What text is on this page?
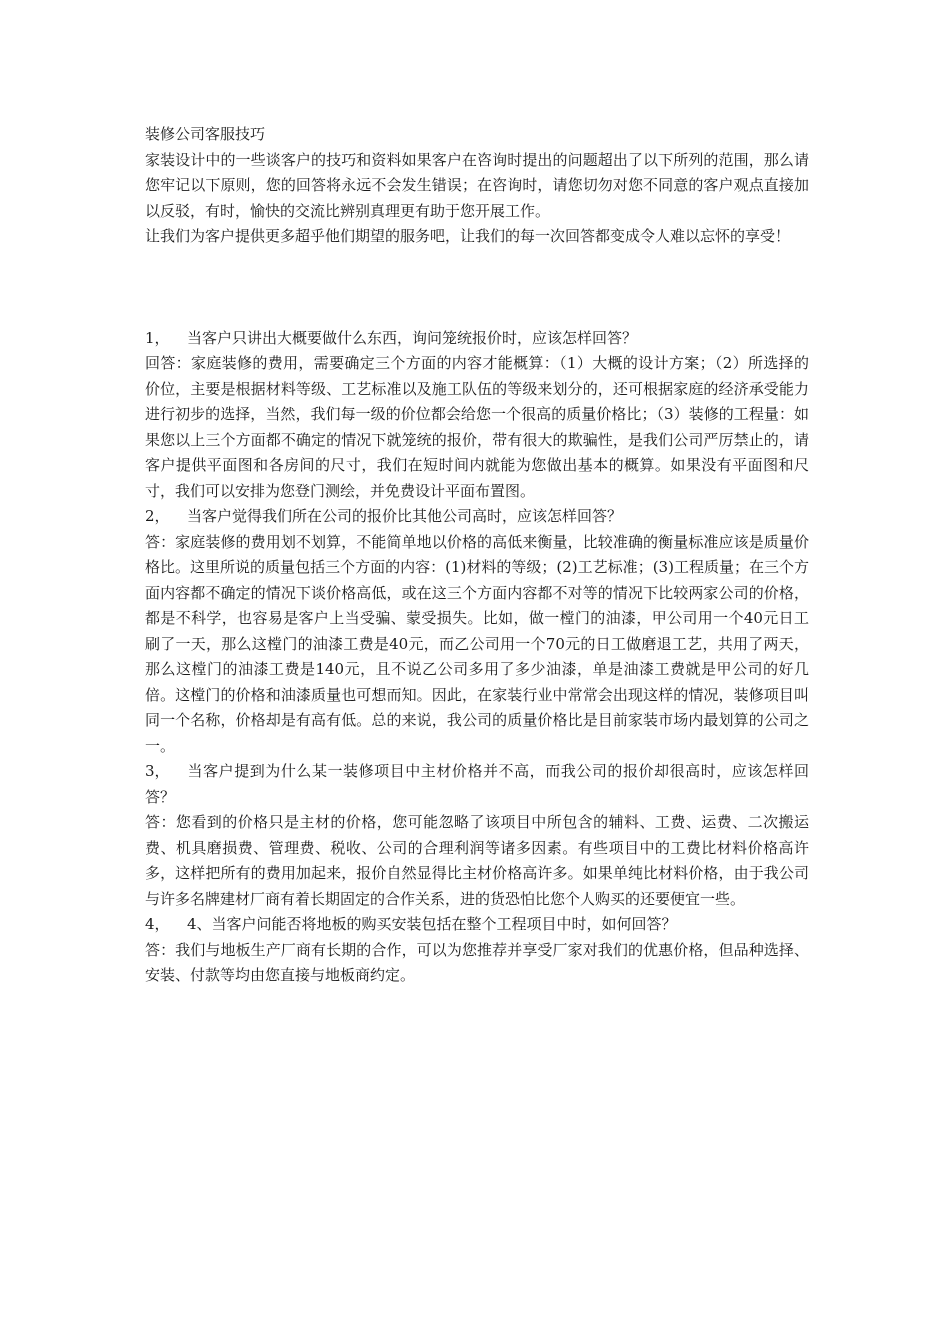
装修公司客服技巧

家装设计中的一些谈客户的技巧和资料如果客户在咨询时提出的问题超出了以下所列的范围，那么请您牢记以下原则，您的回答将永远不会发生错误；在咨询时，请您切勿对您不同意的客户观点直接加以反驳，有时，愉快的交流比辨别真理更有助于您开展工作。

让我们为客户提供更多超乎他们期望的服务吧，让我们的每一次回答都变成令人难以忘怀的享受！

1， 当客户只讲出大概要做什么东西，询问笼统报价时，应该怎样回答？

回答：家庭装修的费用，需要确定三个方面的内容才能概算：（1）大概的设计方案；（2）所选择的价位，主要是根据材料等级、工艺标准以及施工队伍的等级来划分的，还可根据家庭的经济承受能力进行初步的选择，当然，我们每一级的价位都会给您一个很高的质量价格比；（3）装修的工程量：如果您以上三个方面都不确定的情况下就笼统的报价，带有很大的欺骗性，是我们公司严厉禁止的，请客户提供平面图和各房间的尺寸，我们在短时间内就能为您做出基本的概算。如果没有平面图和尺寸，我们可以安排为您登门测绘，并免费设计平面布置图。

2， 当客户觉得我们所在公司的报价比其他公司高时，应该怎样回答？

答：家庭装修的费用划不划算，不能简单地以价格的高低来衡量，比较准确的衡量标准应该是质量价格比。这里所说的质量包括三个方面的内容：(1)材料的等级；(2)工艺标准；(3)工程质量；在三个方面内容都不确定的情况下谈价格高低，或在这三个方面内容都不对等的情况下比较两家公司的价格，都是不科学，也容易是客户上当受骗、蒙受损失。比如，做一樘门的油漆，甲公司用一个40元日工刷了一天，那么这樘门的油漆工费是40元，而乙公司用一个70元的日工做磨退工艺，共用了两天，那么这樘门的油漆工费是140元，且不说乙公司多用了多少油漆，单是油漆工费就是甲公司的好几倍。这樘门的价格和油漆质量也可想而知。因此，在家装行业中常常会出现这样的情况，装修项目叫同一个名称，价格却是有高有低。总的来说，我公司的质量价格比是目前家装市场内最划算的公司之一。

3， 当客户提到为什么某一装修项目中主材价格并不高，而我公司的报价却很高时，应该怎样回答？

答：您看到的价格只是主材的价格，您可能忽略了该项目中所包含的辅料、工费、运费、二次搬运费、机具磨损费、管理费、税收、公司的合理利润等诸多因素。有些项目中的工费比材料价格高许多，这样把所有的费用加起来，报价自然显得比主材价格高许多。如果单纯比材料价格，由于我公司与许多名牌建材厂商有着长期固定的合作关系，进的货恐怕比您个人购买的还要便宜一些。

4， 4、当客户问能否将地板的购买安装包括在整个工程项目中时，如何回答？

答：我们与地板生产厂商有长期的合作，可以为您推荐并享受厂家对我们的优惠价格，但品种选择、安装、付款等均由您直接与地板商约定。
